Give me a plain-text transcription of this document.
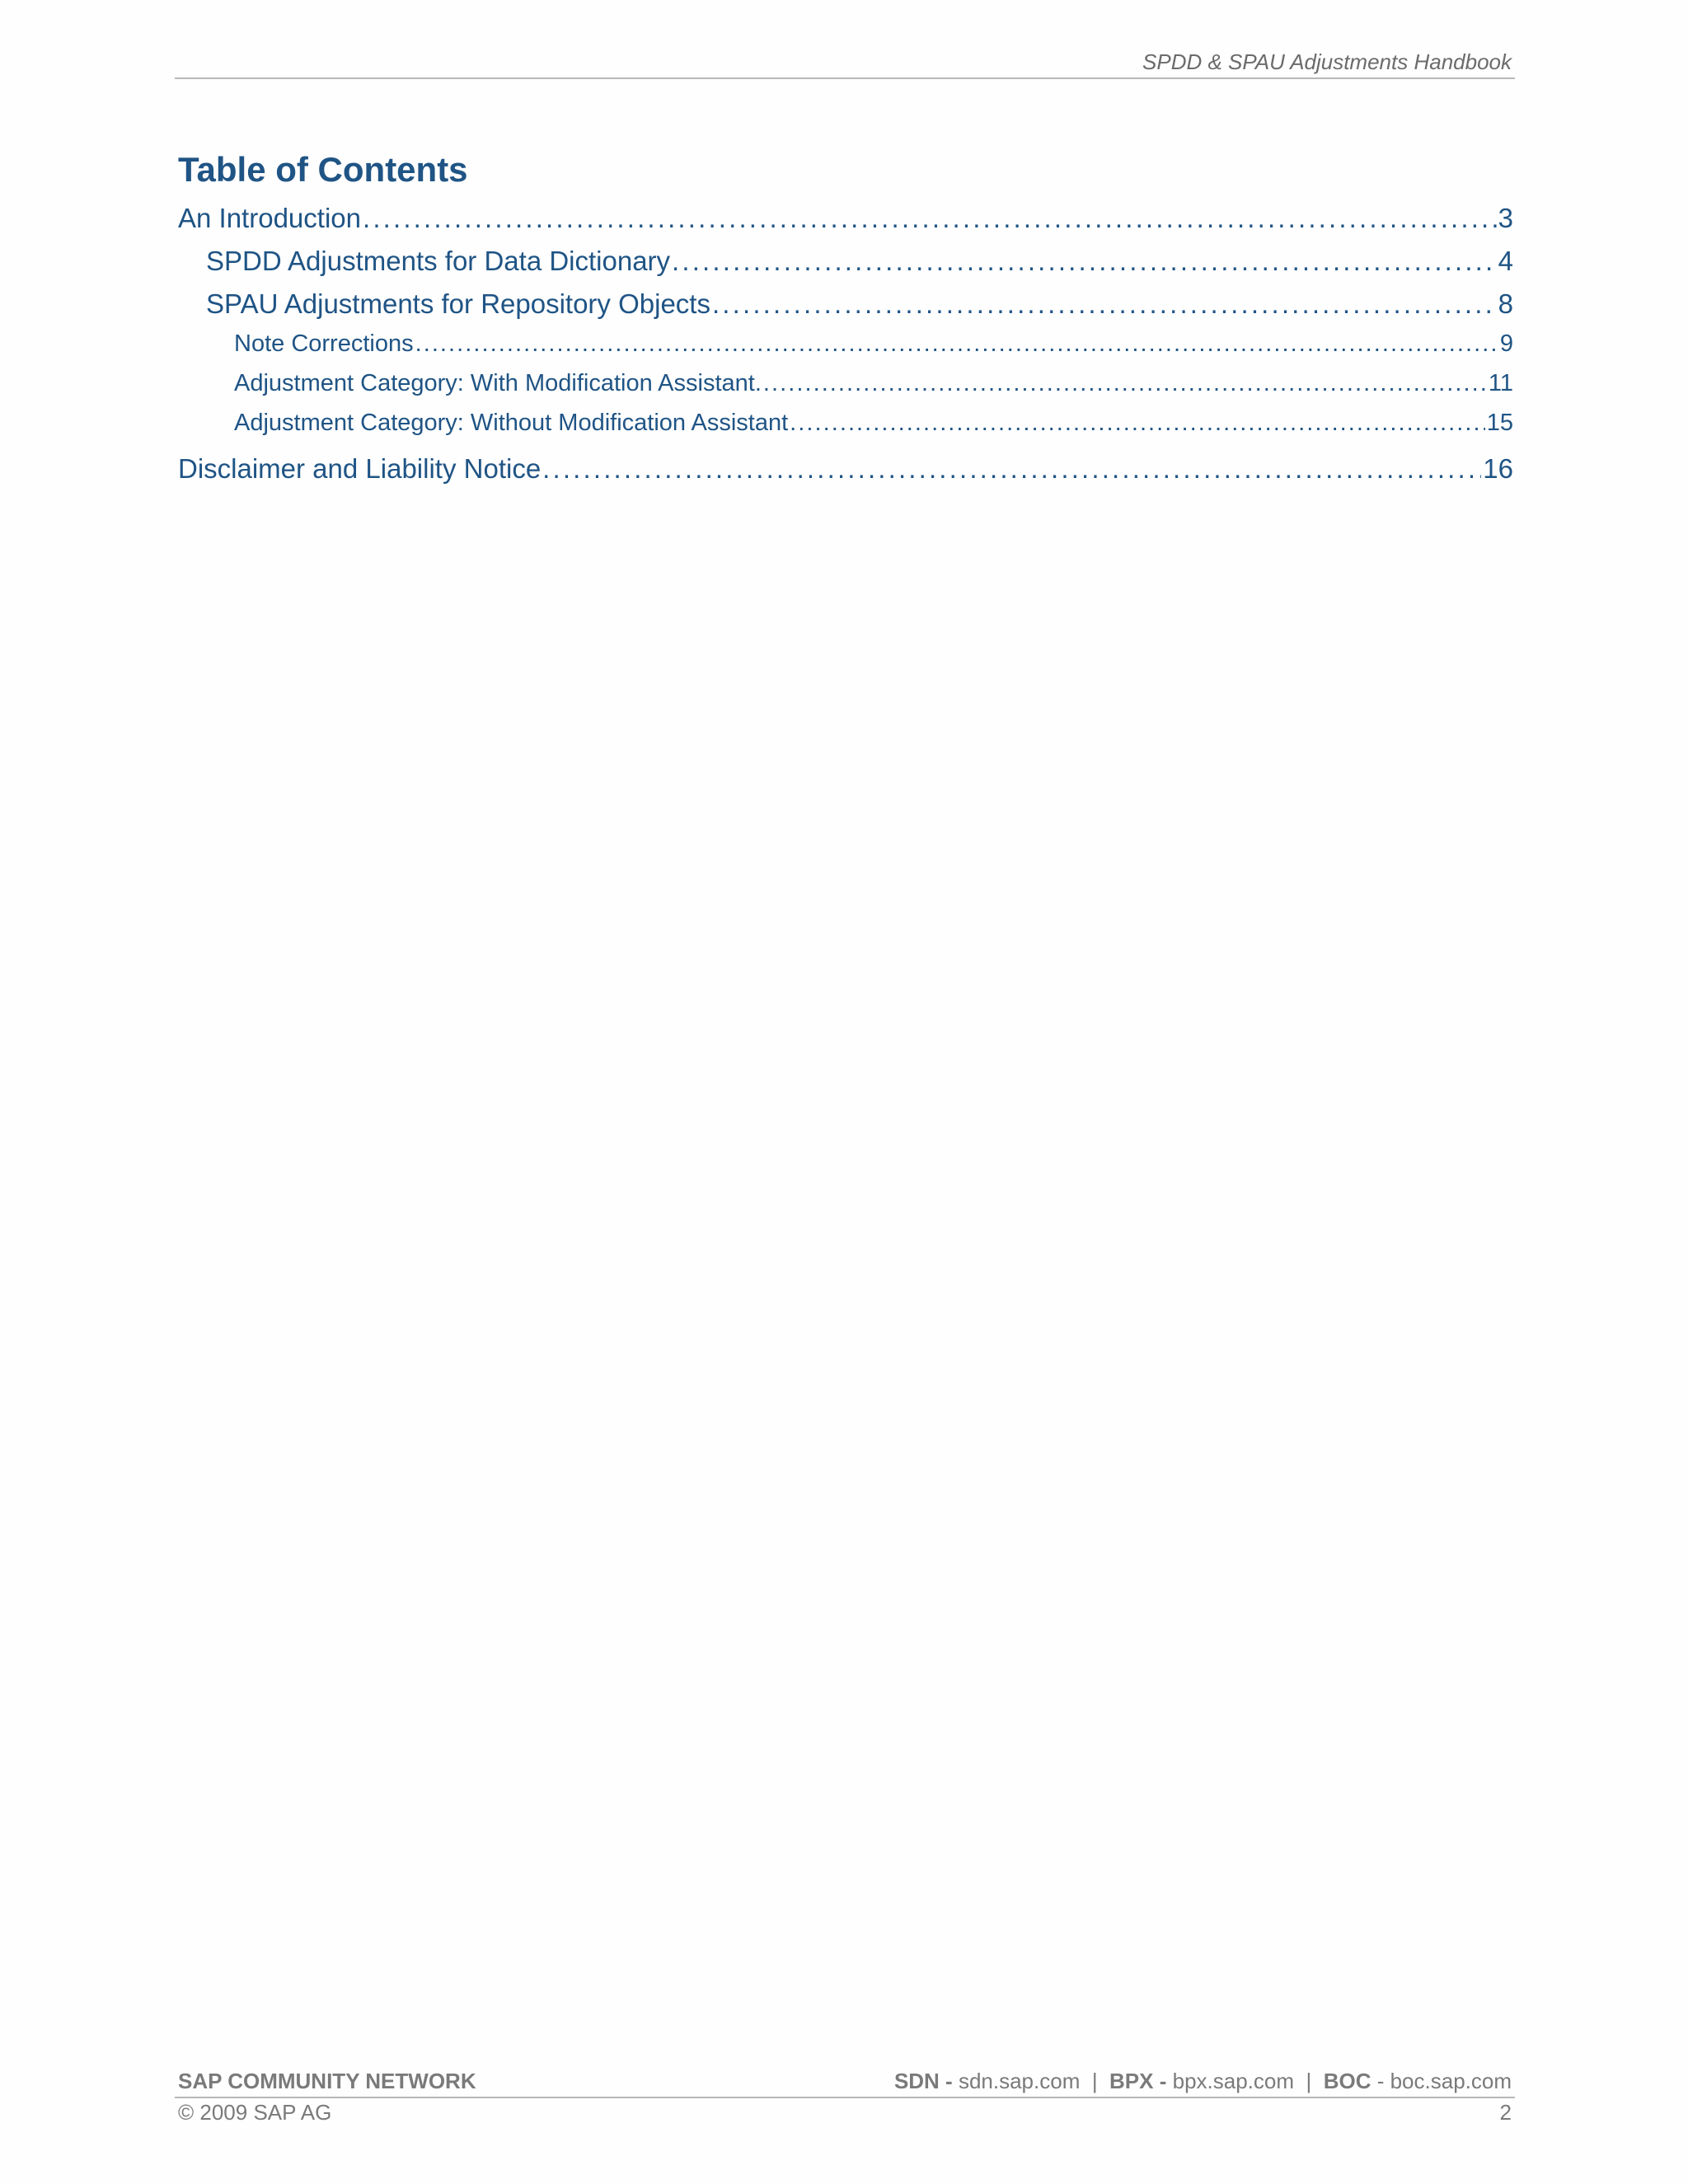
SPDD & SPAU Adjustments Handbook
Table of Contents
An Introduction . . .	3
SPDD Adjustments for Data Dictionary . . .	4
SPAU Adjustments for Repository Objects . . .	8
Note Corrections . . .	9
Adjustment Category: With Modification Assistant. . . .	11
Adjustment Category: Without Modification Assistant . . .	15
Disclaimer and Liability Notice . . .	16
SAP COMMUNITY NETWORK	SDN - sdn.sap.com | BPX - bpx.sap.com | BOC - boc.sap.com
© 2009 SAP AG	2
